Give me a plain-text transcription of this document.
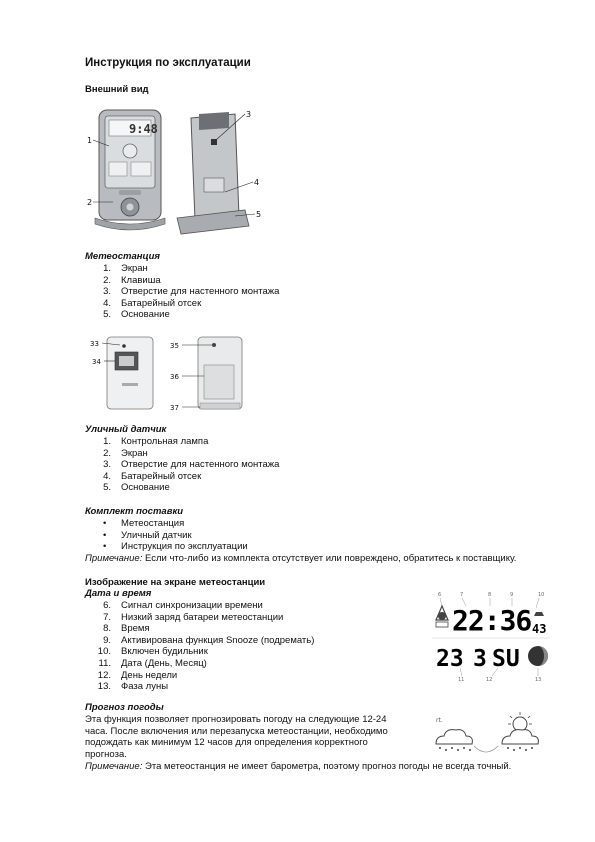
Инструкция по эксплуатации
Внешний вид
9:48
1
2
3
4
5
Метеостанция
1. Экран
2. Клавиша
3. Отверстие для настенного монтажа
4. Батарейный отсек
5. Основание
33
34
35
36
37
Уличный датчик
1. Контрольная лампа
2. Экран
3. Отверстие для настенного монтажа
4. Батарейный отсек
5. Основание
Комплект поставки
• Метеостанция
• Уличный датчик
• Инструкция по эксплуатации
Примечание: Если что-либо из комплекта отсутствует или повреждено, обратитесь к поставщику.
Изображение на экране метеостанции
Дата и время
6. Сигнал синхронизации времени
7. Низкий заряд батареи метеостанции
8. Время
9. Активирована функция Snooze (подремать)
10. Включен будильник
11. Дата (День, Месяц)
12. День недели
13. Фаза луны
6	7	8	9	10
22:36 43
23 3 SU
11	12	13
Прогноз погоды
Эта функция позволяет прогнозировать погоду на следующие 12-24
часа. После включения или перезапуска метеостанции, необходимо
подождать как минимум 12 часов для определения корректного
прогноза.
Примечание: Эта метеостанция не имеет барометра, поэтому прогноз погоды не всегда точный.
rt.
